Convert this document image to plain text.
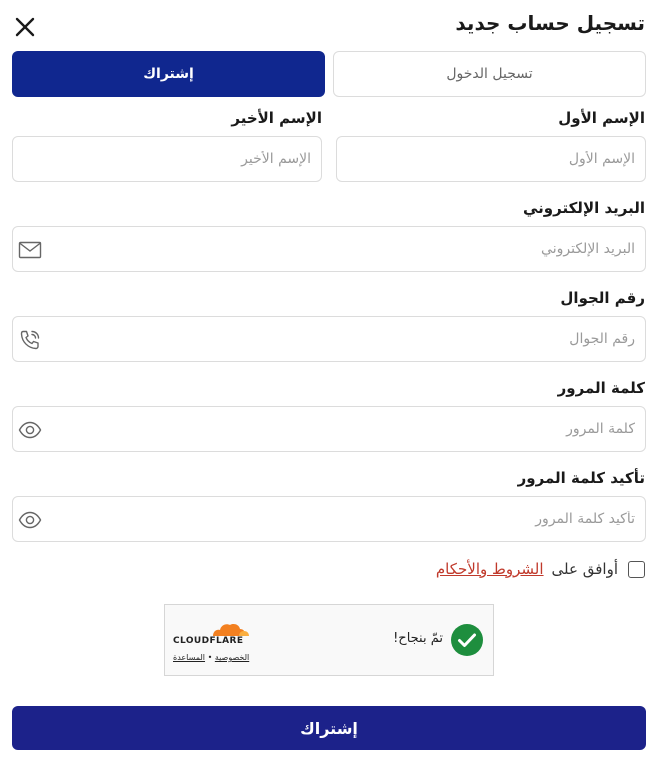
تسجيل حساب جديد
تسجيل الدخول
إشتراك
الإسم الأول
الإسم الأول
الإسم الأخير
الإسم الأخير
البريد الإلكتروني
البريد الإلكتروني
رقم الجوال
رقم الجوال
كلمة المرور
تأكيد كلمة المرور
أوافق على
الشروط والأحكام
تمّ بنجاح!
CLOUDFLARE
الخصوصية • المساعدة
إشتراك
